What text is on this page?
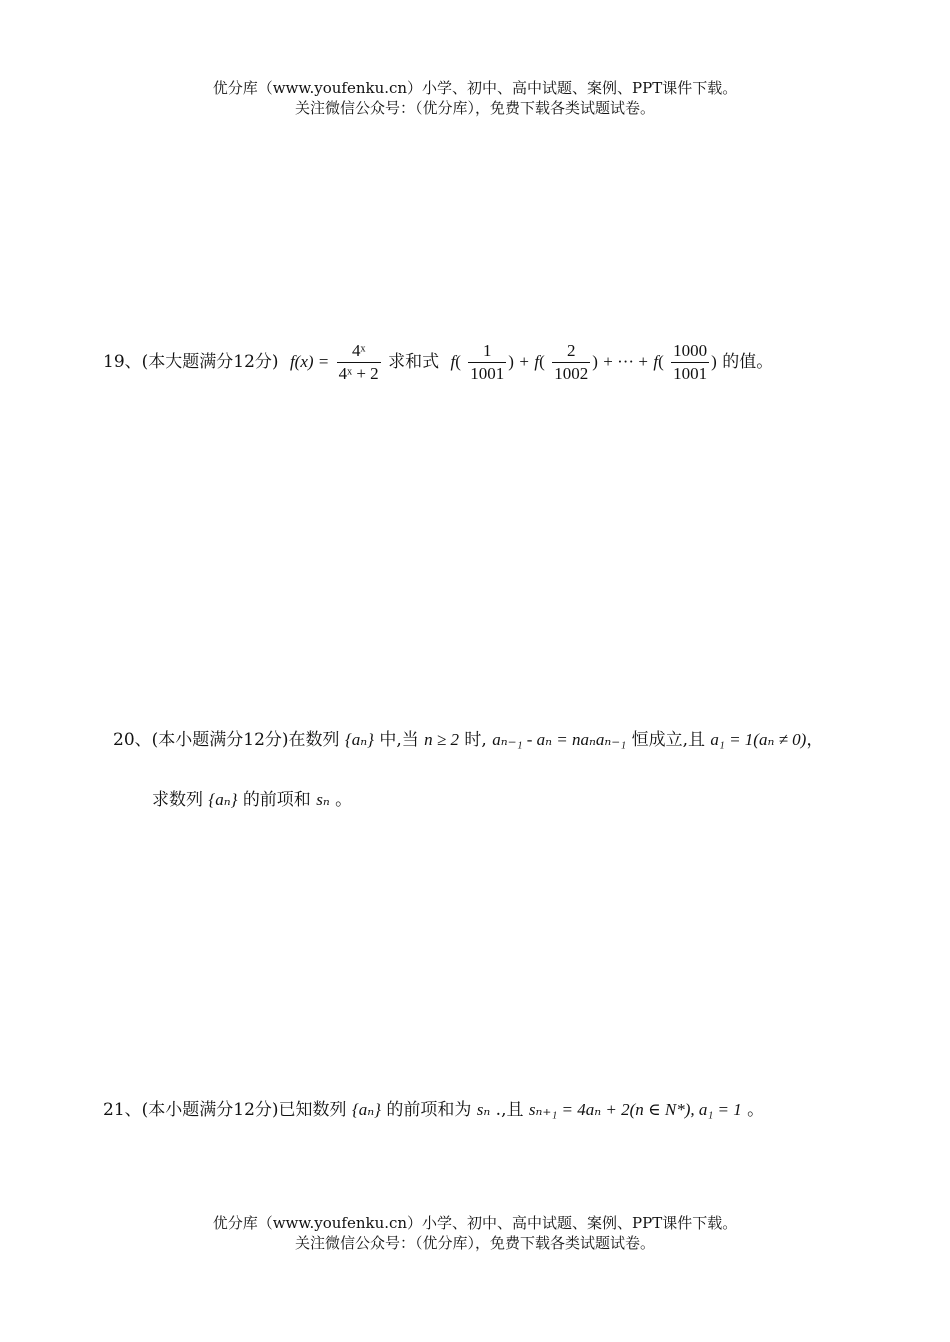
优分库（www.youfenku.cn）小学、初中、高中试题、案例、PPT课件下载。
关注微信公众号：（优分库），免费下载各类试题试卷。
19、(本大题满分12分) $f(x) = \frac{\text{4ˣ}}{\text{4ˣ + 2}}$ 求和式 $f( \frac{1}{1001}$ ) + $f( \frac{2}{1002}$ ) + ··· + $f( \frac{1000}{1001}$ ) 的值。
20、(本小题满分12分)在数列 {aₙ} 中,当 n ≥ 2 时, aₙ₋₁ - aₙ = naₙaₙ₋₁ 恒成立,且 a₁ = 1(aₙ ≠ 0)，
求数列 {aₙ} 的前项和 sₙ 。
21、(本小题满分12分)已知数列 {aₙ} 的前项和为 sₙ .,且 sₙ₊₁ = 4aₙ + 2(n ∈ N*), a₁ = 1 。
优分库（www.youfenku.cn）小学、初中、高中试题、案例、PPT课件下载。
关注微信公众号：（优分库），免费下载各类试题试卷。
